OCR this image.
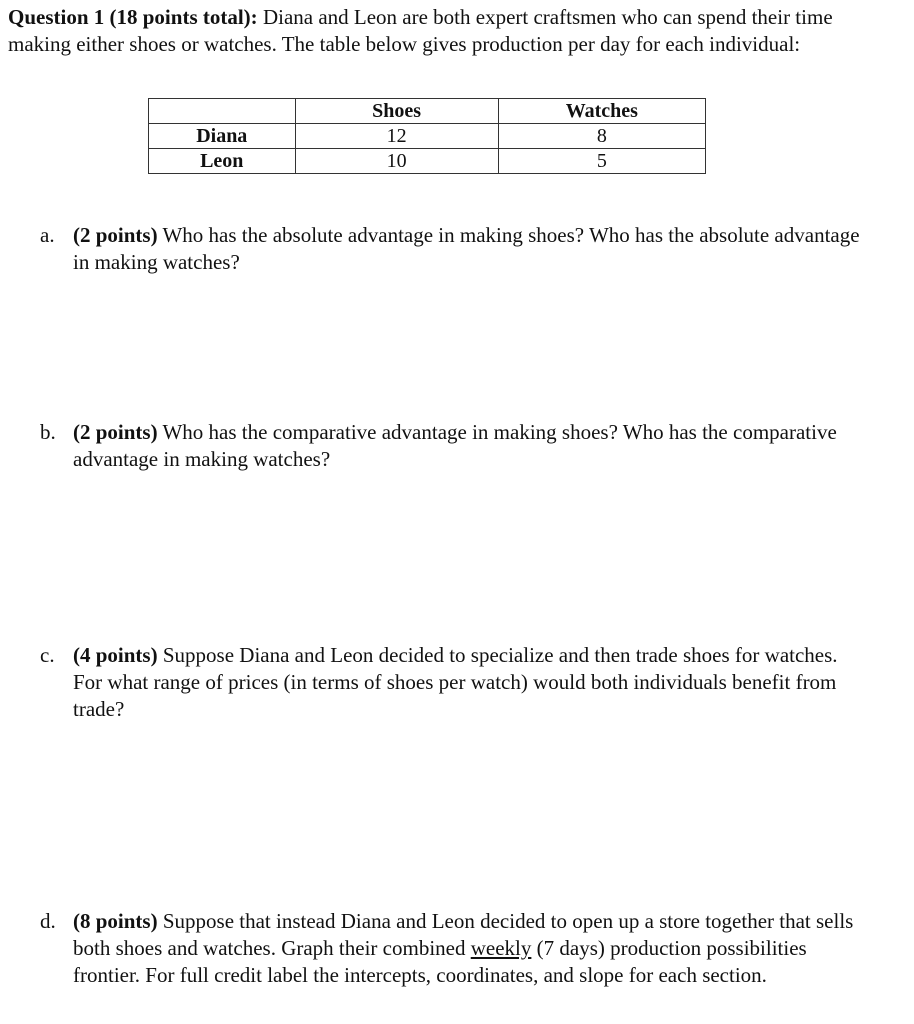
Question 1 (18 points total): Diana and Leon are both expert craftsmen who can spend their time making either shoes or watches. The table below gives production per day for each individual:
	Shoes	Watches
Diana	12	8
Leon	10	5
a. (2 points) Who has the absolute advantage in making shoes? Who has the absolute advantage in making watches?
b. (2 points) Who has the comparative advantage in making shoes? Who has the comparative advantage in making watches?
c. (4 points) Suppose Diana and Leon decided to specialize and then trade shoes for watches. For what range of prices (in terms of shoes per watch) would both individuals benefit from trade?
d. (8 points) Suppose that instead Diana and Leon decided to open up a store together that sells both shoes and watches. Graph their combined weekly (7 days) production possibilities frontier. For full credit label the intercepts, coordinates, and slope for each section.
